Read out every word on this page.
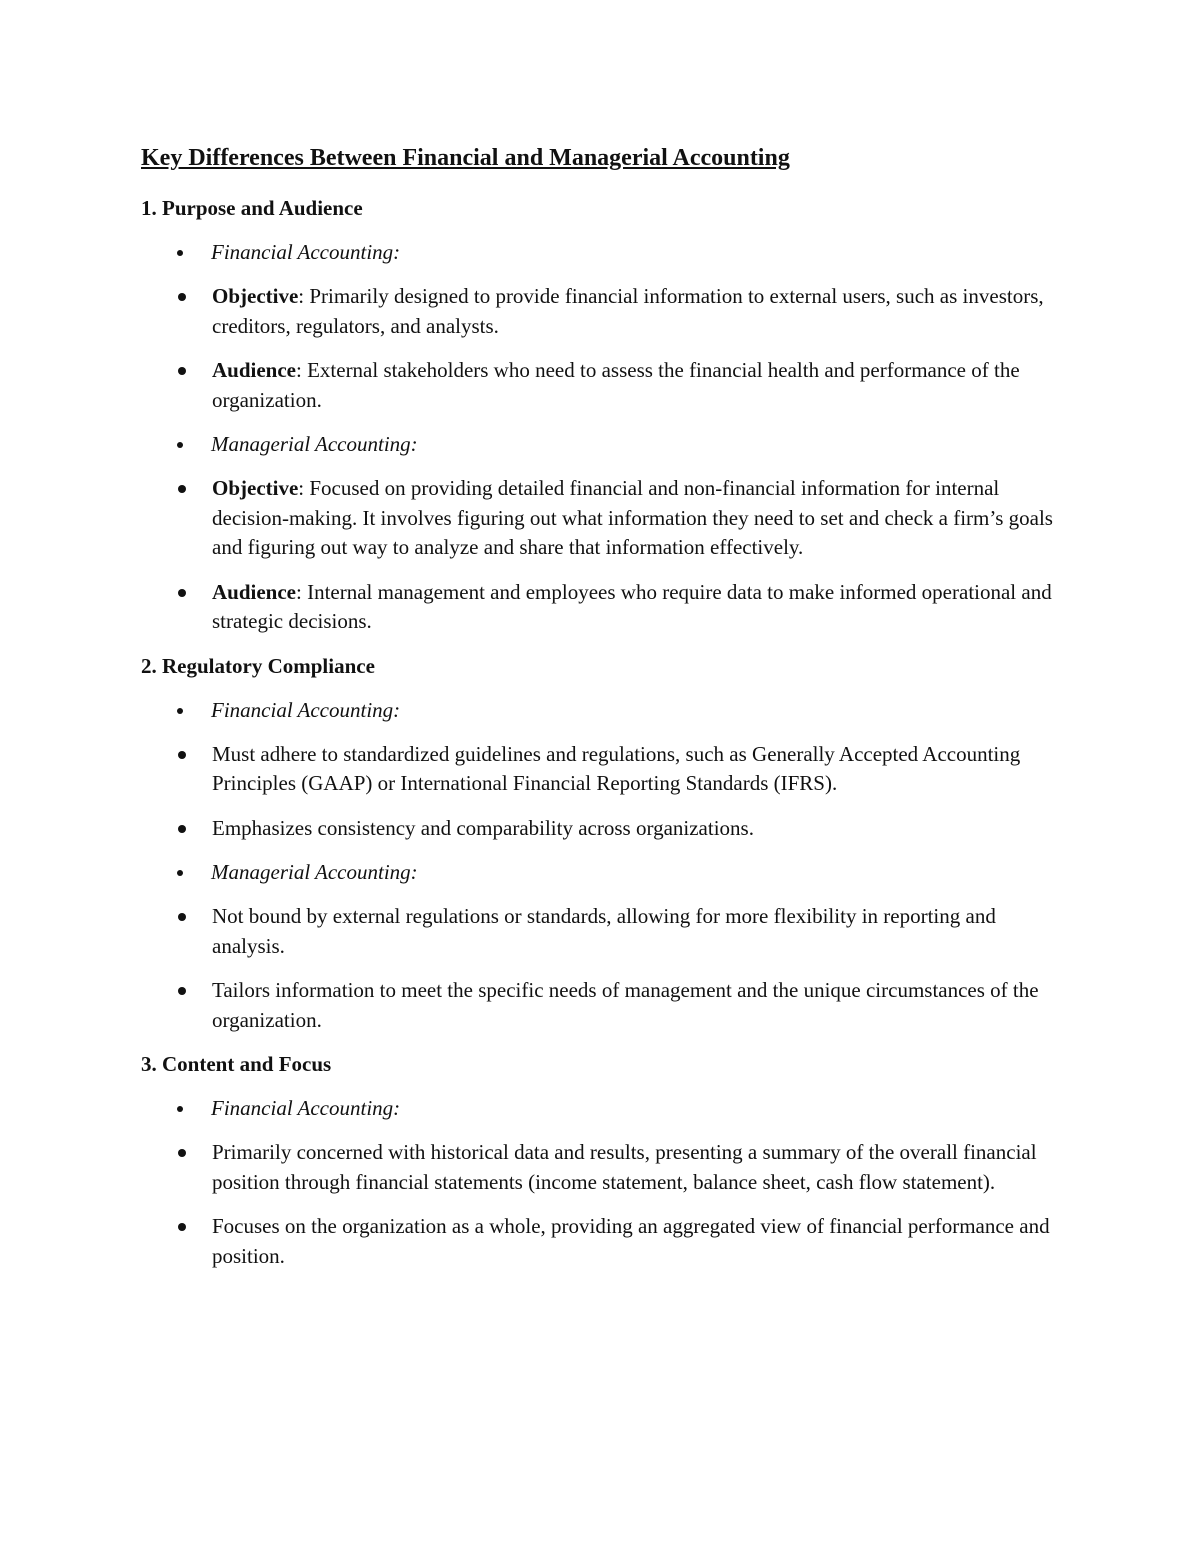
Key Differences Between Financial and Managerial Accounting
1. Purpose and Audience
Financial Accounting:
Objective: Primarily designed to provide financial information to external users, such as investors, creditors, regulators, and analysts.
Audience: External stakeholders who need to assess the financial health and performance of the organization.
Managerial Accounting:
Objective: Focused on providing detailed financial and non-financial information for internal decision-making. It involves figuring out what information they need to set and check a firm’s goals and figuring out way to analyze and share that information effectively.
Audience: Internal management and employees who require data to make informed operational and strategic decisions.
2. Regulatory Compliance
Financial Accounting:
Must adhere to standardized guidelines and regulations, such as Generally Accepted Accounting Principles (GAAP) or International Financial Reporting Standards (IFRS).
Emphasizes consistency and comparability across organizations.
Managerial Accounting:
Not bound by external regulations or standards, allowing for more flexibility in reporting and analysis.
Tailors information to meet the specific needs of management and the unique circumstances of the organization.
3. Content and Focus
Financial Accounting:
Primarily concerned with historical data and results, presenting a summary of the overall financial position through financial statements (income statement, balance sheet, cash flow statement).
Focuses on the organization as a whole, providing an aggregated view of financial performance and position.
